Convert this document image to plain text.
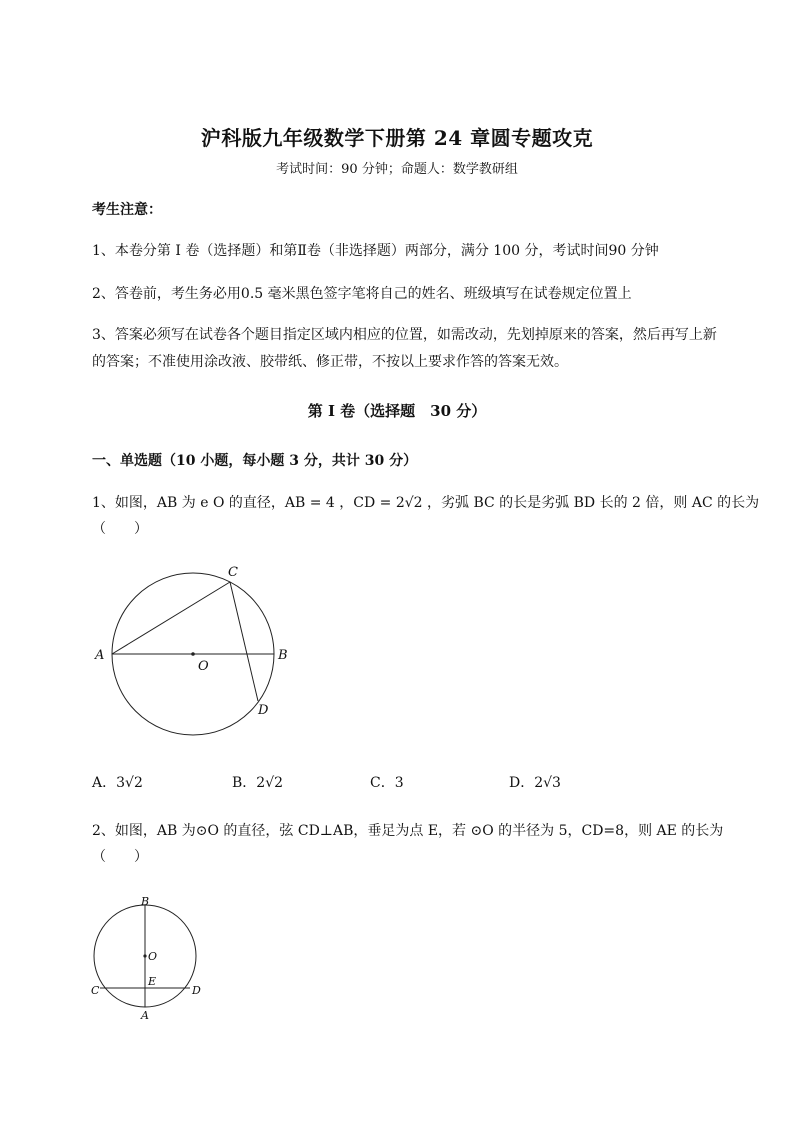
沪科版九年级数学下册第 24 章圆专题攻克
考试时间：90 分钟；命题人：数学教研组
考生注意：
1、本卷分第 I 卷（选择题）和第Ⅱ卷（非选择题）两部分，满分 100 分，考试时间90 分钟
2、答卷前，考生务必用0.5 毫米黑色签字笔将自己的姓名、班级填写在试卷规定位置上
3、答案必须写在试卷各个题目指定区域内相应的位置，如需改动，先划掉原来的答案，然后再写上新
的答案；不准使用涂改液、胶带纸、修正带，不按以上要求作答的答案无效。
第 I 卷（选择题　30 分）
一、单选题（10 小题，每小题 3 分，共计 30 分）
1、如图，AB 为 e O 的直径，AB = 4 ，CD = 2√2 ，劣弧 BC 的长是劣弧 BD 长的 2 倍，则 AC 的长为
（　　）
A	B
C
D
O
A．3√2	B．2√2	C．3	D．2√3
2、如图，AB 为⊙O 的直径，弦 CD⊥AB，垂足为点 E，若 ⊙O 的半径为 5，CD=8，则 AE 的长为
（　　）
B
O
C	D
E
A
